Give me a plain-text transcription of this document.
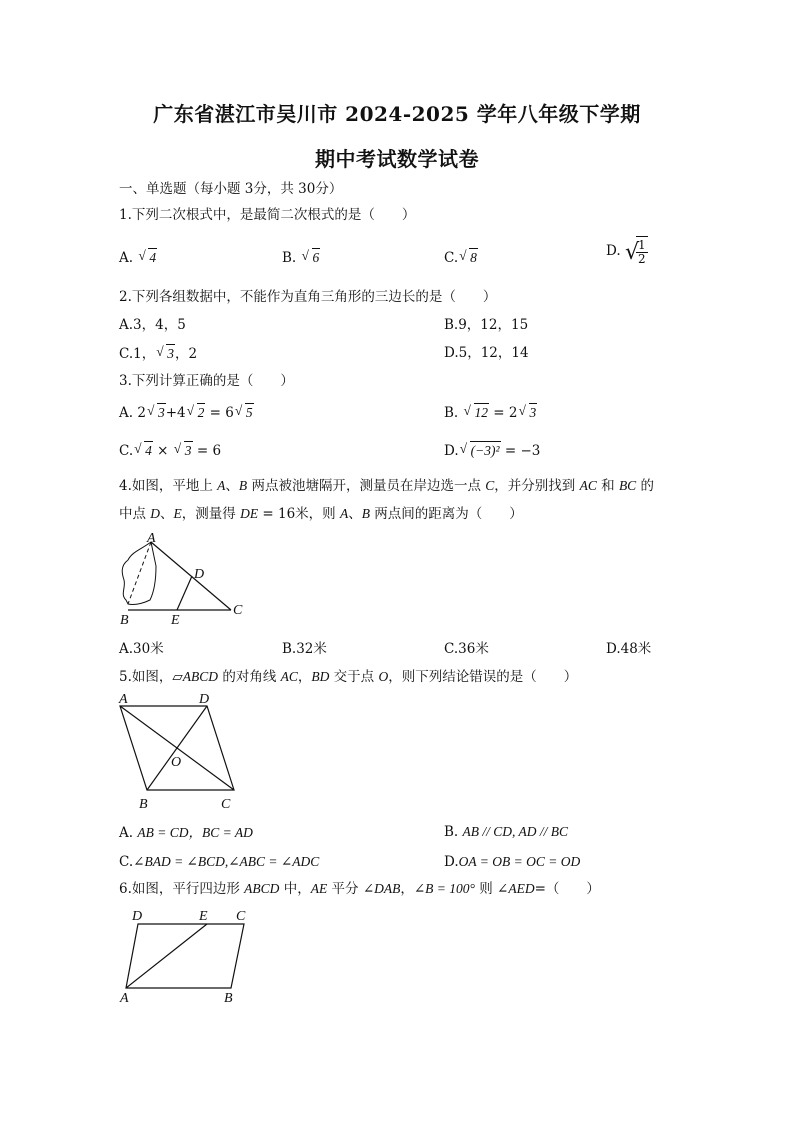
广东省湛江市吴川市 2024-2025 学年八年级下学期
期中考试数学试卷
一、单选题（每小题 3分，共 30分）
1.下列二次根式中，是最简二次根式的是（　　）
A. √ 4	B. √ 6	C. √ 8	D. √
$\frac{1}{2}$
2.下列各组数据中，不能作为直角三角形的三边长的是（　　）
A.3，4，5	B.9，12，15
C.1， √ 3，2	D.5，12，14
3.下列计算正确的是（　　）
A. 2 √ 3+4 √ 2 = 6 √ 5	B. √ 12 = 2 √ 3
C. √ 4 × √ 3 = 6	D. √ (−3)² = −3
4.如图，平地上 A、B 两点被池塘隔开，测量员在岸边选一点 C，并分别找到 AC 和 BC 的
中点 D、E，测量得 DE = 16米，则 A、B 两点间的距离为（　　）
A
B
C
D
E
A.30米	B.32米	C.36米	D.48米
5.如图，▱ABCD 的对角线 AC，BD 交于点 O，则下列结论错误的是（　　）
A	D
O
B	C
A. AB = CD，BC = AD	B. AB // CD, AD // BC
C.∠BAD = ∠BCD,∠ABC = ∠ADC	D.OA = OB = OC = OD
6.如图，平行四边形 ABCD 中，AE 平分 ∠DAB，∠B = 100° 则 ∠AED=（　　）
D	E C
A	B
